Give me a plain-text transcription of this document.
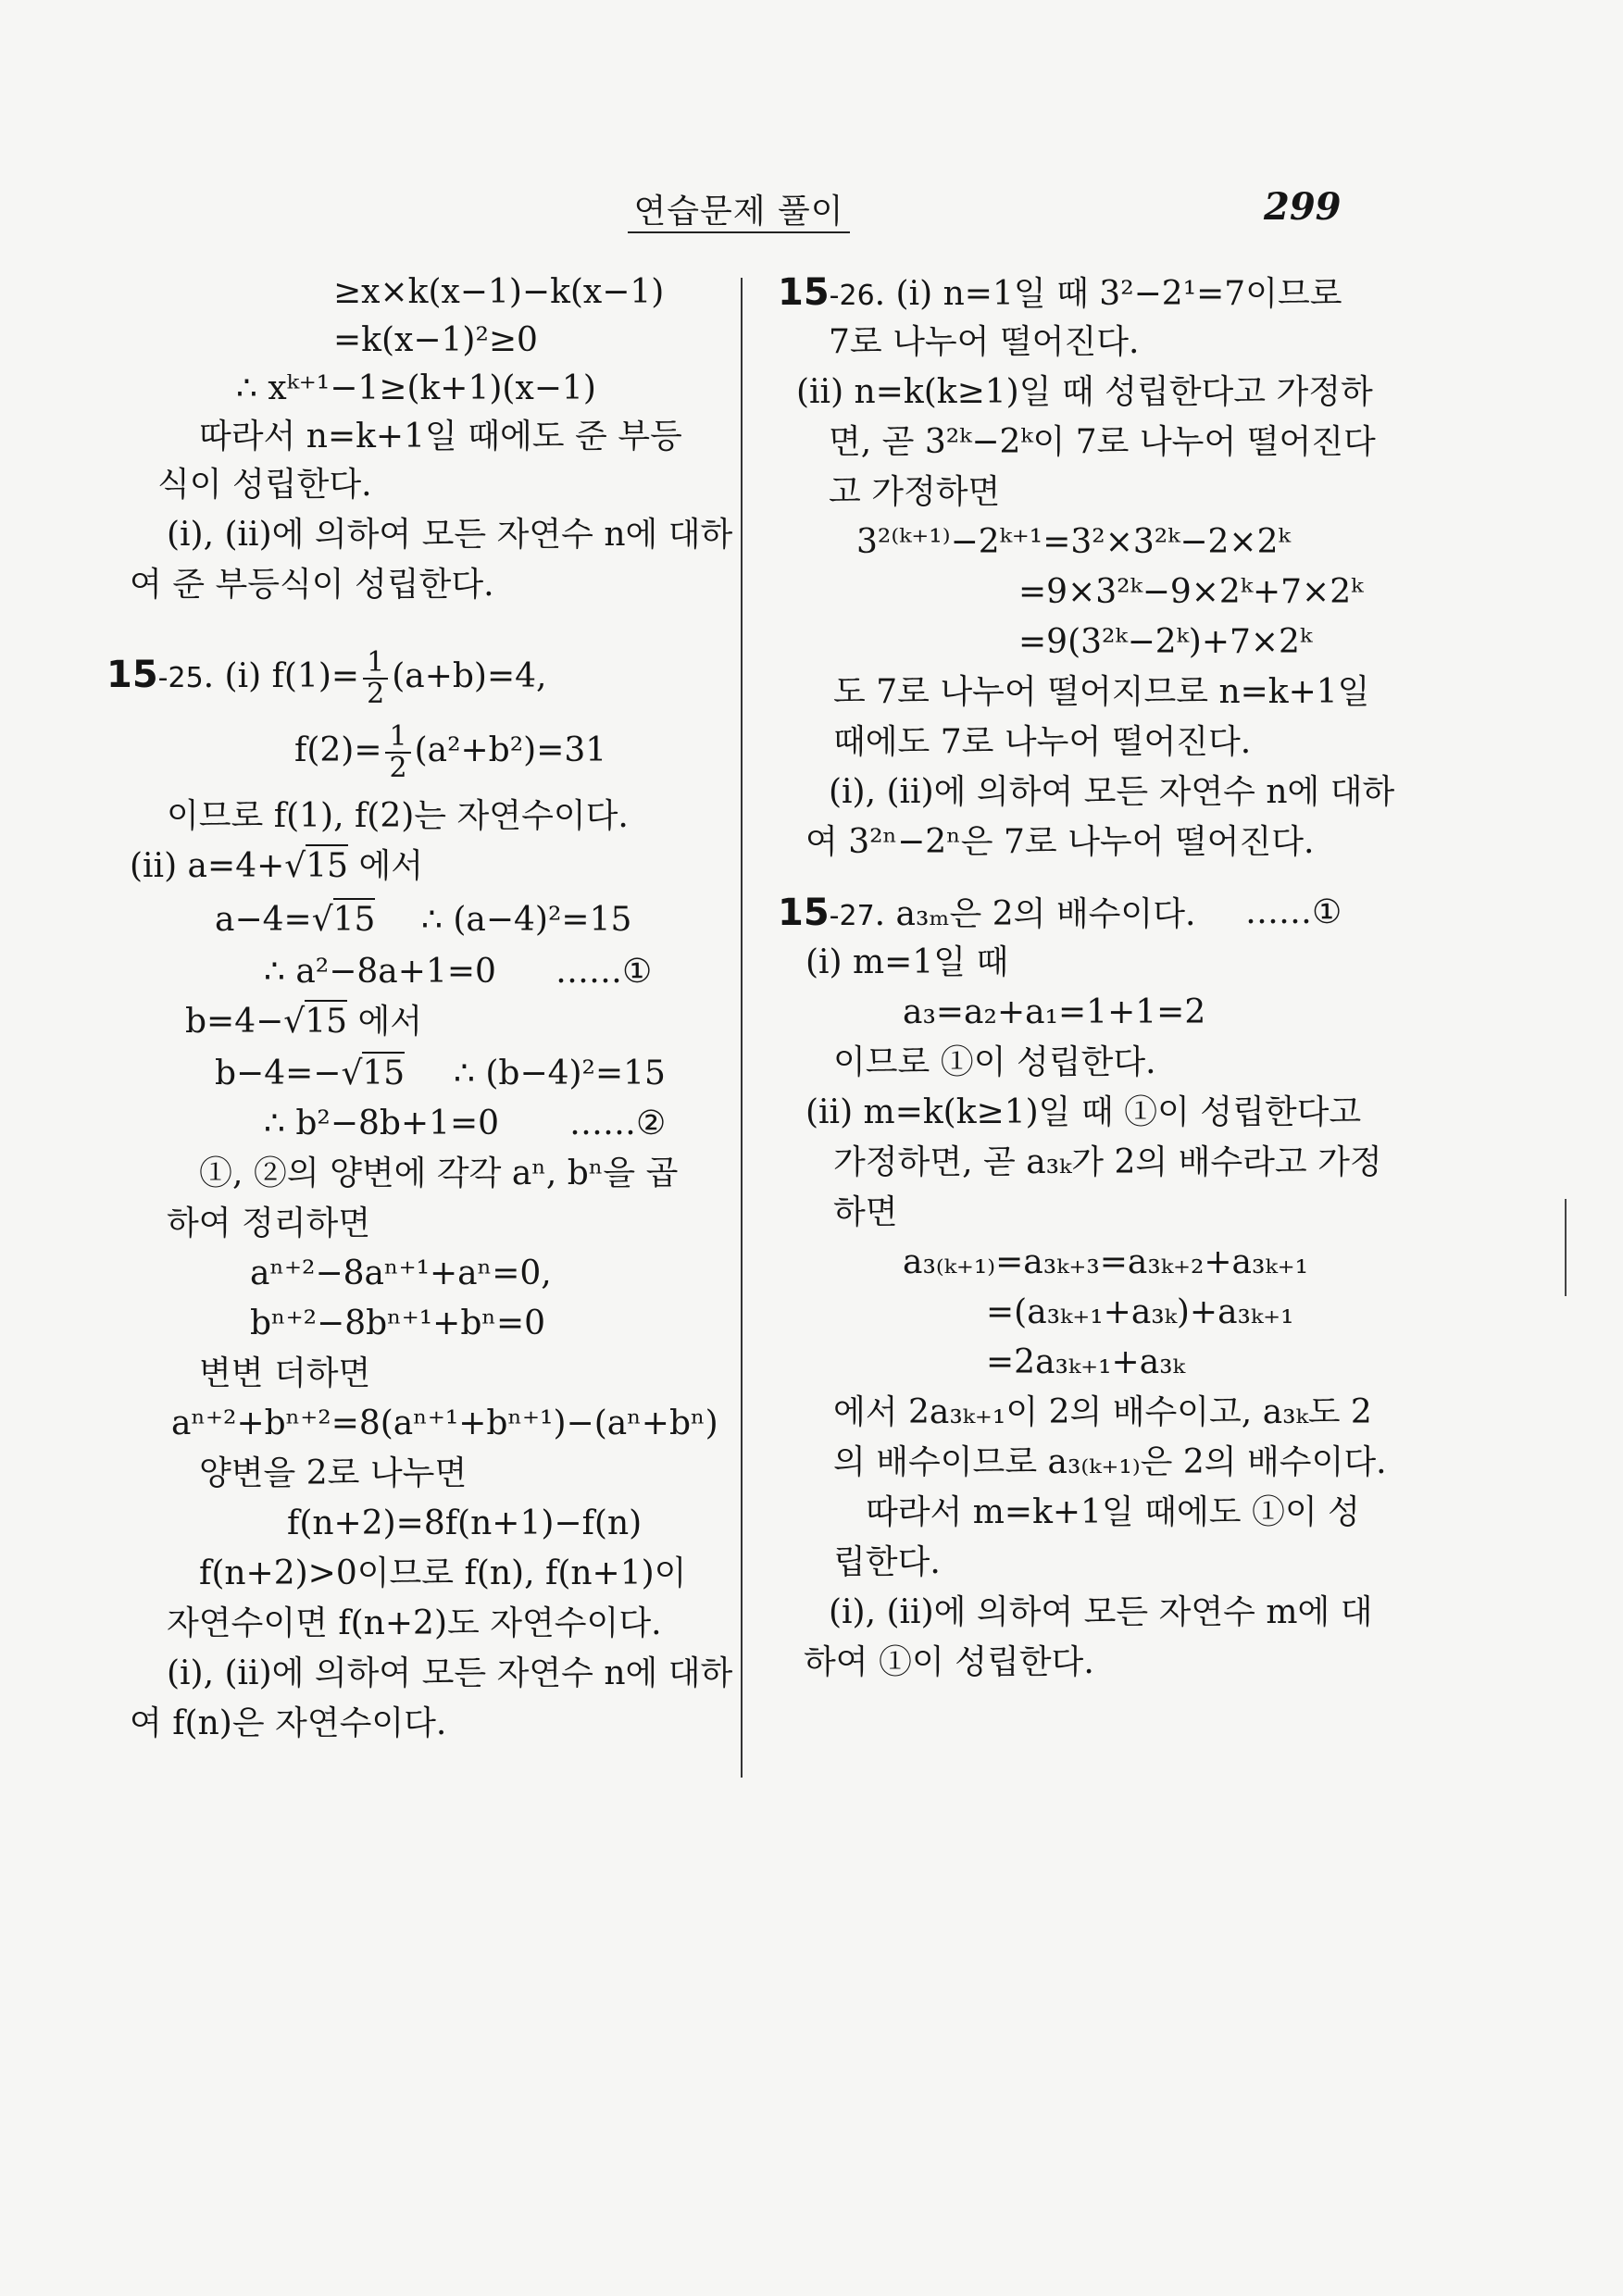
연습문제 풀이	299
≥x×k(x−1)−k(x−1)
=k(x−1)²≥0
∴ xᵏ⁺¹−1≥(k+1)(x−1)
따라서 n=k+1일 때에도 준 부등
식이 성립한다.
(ⅰ), (ⅱ)에 의하여 모든 자연수 n에 대하
여 준 부등식이 성립한다.
15-25. (ⅰ) $f(1)= \frac{1}{2} (a+b)=4$,
$f(2)= \frac{1}{2} (a^2+b^2)=31$
이므로 f(1), f(2)는 자연수이다.
(ⅱ) a=4+√15 에서
a−4=√15 ∴ (a−4)²=15
∴ a²−8a+1=0 ……①
b=4−√15 에서
b−4=−√15 ∴ (b−4)²=15
∴ b²−8b+1=0 ……②
①, ②의 양변에 각각 aⁿ, bⁿ을 곱
하여 정리하면
aⁿ⁺²−8aⁿ⁺¹+aⁿ=0,
bⁿ⁺²−8bⁿ⁺¹+bⁿ=0
변변 더하면
aⁿ⁺²+bⁿ⁺²=8(aⁿ⁺¹+bⁿ⁺¹)−(aⁿ+bⁿ)
양변을 2로 나누면
f(n+2)=8f(n+1)−f(n)
f(n+2)>0이므로 f(n), f(n+1)이
자연수이면 f(n+2)도 자연수이다.
(ⅰ), (ⅱ)에 의하여 모든 자연수 n에 대하
여 f(n)은 자연수이다.
15-26. (ⅰ) n=1일 때 3²−2¹=7이므로
7로 나누어 떨어진다.
(ⅱ) n=k(k≥1)일 때 성립한다고 가정하
면, 곧 3²ᵏ−2ᵏ이 7로 나누어 떨어진다
고 가정하면
3²⁽ᵏ⁺¹⁾−2ᵏ⁺¹=3²×3²ᵏ−2×2ᵏ
=9×3²ᵏ−9×2ᵏ+7×2ᵏ
=9(3²ᵏ−2ᵏ)+7×2ᵏ
도 7로 나누어 떨어지므로 n=k+1일
때에도 7로 나누어 떨어진다.
(ⅰ), (ⅱ)에 의하여 모든 자연수 n에 대하
여 3²ⁿ−2ⁿ은 7로 나누어 떨어진다.
15-27. a₃ₘ은 2의 배수이다. ……①
(ⅰ) m=1일 때
a₃=a₂+a₁=1+1=2
이므로 ①이 성립한다.
(ⅱ) m=k(k≥1)일 때 ①이 성립한다고
가정하면, 곧 a₃ₖ가 2의 배수라고 가정
하면
a₃₍ₖ₊₁₎=a₃ₖ₊₃=a₃ₖ₊₂+a₃ₖ₊₁
=(a₃ₖ₊₁+a₃ₖ)+a₃ₖ₊₁
=2a₃ₖ₊₁+a₃ₖ
에서 2a₃ₖ₊₁이 2의 배수이고, a₃ₖ도 2
의 배수이므로 a₃₍ₖ₊₁₎은 2의 배수이다.
따라서 m=k+1일 때에도 ①이 성
립한다.
(ⅰ), (ⅱ)에 의하여 모든 자연수 m에 대
하여 ①이 성립한다.
